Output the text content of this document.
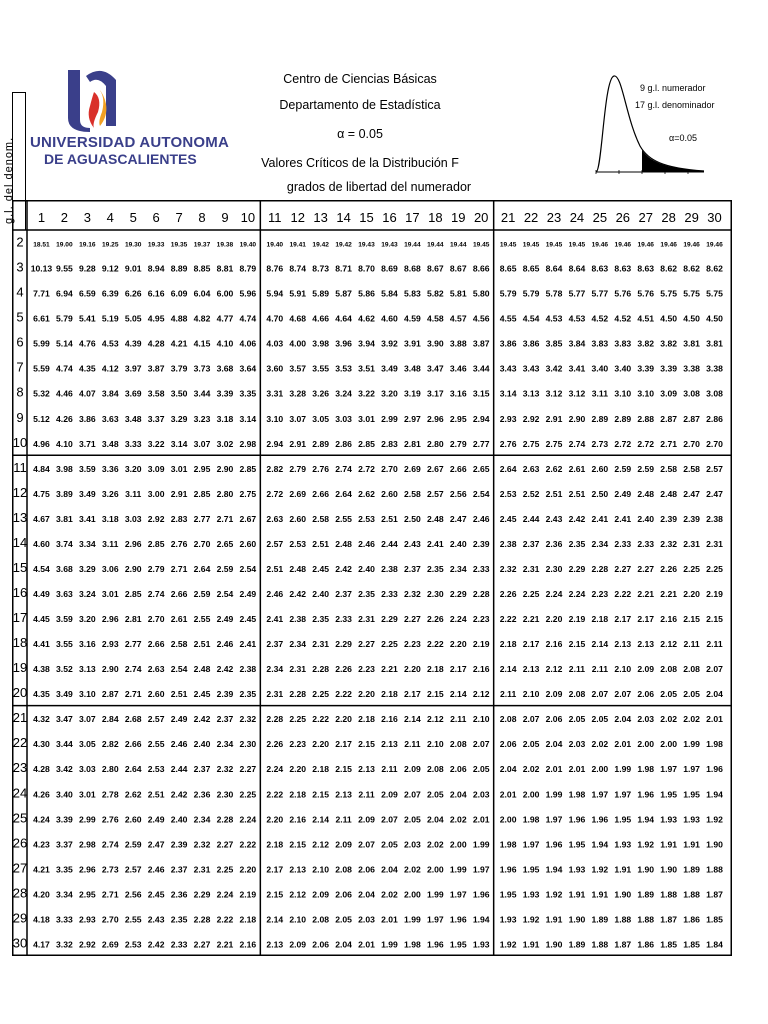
UNIVERSIDAD AUTONOMA
DE AGUASCALIENTES
Centro de Ciencias Básicas
Departamento de Estadística
α = 0.05
Valores Críticos de la Distribución F
9 g.l. numerador
17 g.l. denominador
α=0.05
2.49
g.l. del denom.	grados de libertad del numerador
1 2 3 4 5 6 7 8 9 10 11 12 13 14 15 16 17 18 19 20 21 22 23 24 25 26 27 28 29 30
2 18.51 19.00 19.16 19.25 19.30 19.33 19.35 19.37 19.38 19.40 19.40 19.41 19.42 19.42 19.43 19.43 19.44 19.44 19.44 19.45 19.45 19.45 19.45 19.45 19.46 19.46 19.46 19.46 19.46 19.46
3 10.13 9.55 9.28 9.12 9.01 8.94 8.89 8.85 8.81 8.79 8.76 8.74 8.73 8.71 8.70 8.69 8.68 8.67 8.67 8.66 8.65 8.65 8.64 8.64 8.63 8.63 8.63 8.62 8.62 8.62
4 7.71 6.94 6.59 6.39 6.26 6.16 6.09 6.04 6.00 5.96 5.94 5.91 5.89 5.87 5.86 5.84 5.83 5.82 5.81 5.80 5.79 5.79 5.78 5.77 5.77 5.76 5.76 5.75 5.75 5.75
5 6.61 5.79 5.41 5.19 5.05 4.95 4.88 4.82 4.77 4.74 4.70 4.68 4.66 4.64 4.62 4.60 4.59 4.58 4.57 4.56 4.55 4.54 4.53 4.53 4.52 4.52 4.51 4.50 4.50 4.50
6 5.99 5.14 4.76 4.53 4.39 4.28 4.21 4.15 4.10 4.06 4.03 4.00 3.98 3.96 3.94 3.92 3.91 3.90 3.88 3.87 3.86 3.86 3.85 3.84 3.83 3.83 3.82 3.82 3.81 3.81
7 5.59 4.74 4.35 4.12 3.97 3.87 3.79 3.73 3.68 3.64 3.60 3.57 3.55 3.53 3.51 3.49 3.48 3.47 3.46 3.44 3.43 3.43 3.42 3.41 3.40 3.40 3.39 3.39 3.38 3.38
8 5.32 4.46 4.07 3.84 3.69 3.58 3.50 3.44 3.39 3.35 3.31 3.28 3.26 3.24 3.22 3.20 3.19 3.17 3.16 3.15 3.14 3.13 3.12 3.12 3.11 3.10 3.10 3.09 3.08 3.08
9 5.12 4.26 3.86 3.63 3.48 3.37 3.29 3.23 3.18 3.14 3.10 3.07 3.05 3.03 3.01 2.99 2.97 2.96 2.95 2.94 2.93 2.92 2.91 2.90 2.89 2.89 2.88 2.87 2.87 2.86
10 4.96 4.10 3.71 3.48 3.33 3.22 3.14 3.07 3.02 2.98 2.94 2.91 2.89 2.86 2.85 2.83 2.81 2.80 2.79 2.77 2.76 2.75 2.75 2.74 2.73 2.72 2.72 2.71 2.70 2.70
11 4.84 3.98 3.59 3.36 3.20 3.09 3.01 2.95 2.90 2.85 2.82 2.79 2.76 2.74 2.72 2.70 2.69 2.67 2.66 2.65 2.64 2.63 2.62 2.61 2.60 2.59 2.59 2.58 2.58 2.57
12 4.75 3.89 3.49 3.26 3.11 3.00 2.91 2.85 2.80 2.75 2.72 2.69 2.66 2.64 2.62 2.60 2.58 2.57 2.56 2.54 2.53 2.52 2.51 2.51 2.50 2.49 2.48 2.48 2.47 2.47
13 4.67 3.81 3.41 3.18 3.03 2.92 2.83 2.77 2.71 2.67 2.63 2.60 2.58 2.55 2.53 2.51 2.50 2.48 2.47 2.46 2.45 2.44 2.43 2.42 2.41 2.41 2.40 2.39 2.39 2.38
14 4.60 3.74 3.34 3.11 2.96 2.85 2.76 2.70 2.65 2.60 2.57 2.53 2.51 2.48 2.46 2.44 2.43 2.41 2.40 2.39 2.38 2.37 2.36 2.35 2.34 2.33 2.33 2.32 2.31 2.31
15 4.54 3.68 3.29 3.06 2.90 2.79 2.71 2.64 2.59 2.54 2.51 2.48 2.45 2.42 2.40 2.38 2.37 2.35 2.34 2.33 2.32 2.31 2.30 2.29 2.28 2.27 2.27 2.26 2.25 2.25
16 4.49 3.63 3.24 3.01 2.85 2.74 2.66 2.59 2.54 2.49 2.46 2.42 2.40 2.37 2.35 2.33 2.32 2.30 2.29 2.28 2.26 2.25 2.24 2.24 2.23 2.22 2.21 2.21 2.20 2.19
17 4.45 3.59 3.20 2.96 2.81 2.70 2.61 2.55 2.49 2.45 2.41 2.38 2.35 2.33 2.31 2.29 2.27 2.26 2.24 2.23 2.22 2.21 2.20 2.19 2.18 2.17 2.17 2.16 2.15 2.15
18 4.41 3.55 3.16 2.93 2.77 2.66 2.58 2.51 2.46 2.41 2.37 2.34 2.31 2.29 2.27 2.25 2.23 2.22 2.20 2.19 2.18 2.17 2.16 2.15 2.14 2.13 2.13 2.12 2.11 2.11
19 4.38 3.52 3.13 2.90 2.74 2.63 2.54 2.48 2.42 2.38 2.34 2.31 2.28 2.26 2.23 2.21 2.20 2.18 2.17 2.16 2.14 2.13 2.12 2.11 2.11 2.10 2.09 2.08 2.08 2.07
20 4.35 3.49 3.10 2.87 2.71 2.60 2.51 2.45 2.39 2.35 2.31 2.28 2.25 2.22 2.20 2.18 2.17 2.15 2.14 2.12 2.11 2.10 2.09 2.08 2.07 2.07 2.06 2.05 2.05 2.04
21 4.32 3.47 3.07 2.84 2.68 2.57 2.49 2.42 2.37 2.32 2.28 2.25 2.22 2.20 2.18 2.16 2.14 2.12 2.11 2.10 2.08 2.07 2.06 2.05 2.05 2.04 2.03 2.02 2.02 2.01
22 4.30 3.44 3.05 2.82 2.66 2.55 2.46 2.40 2.34 2.30 2.26 2.23 2.20 2.17 2.15 2.13 2.11 2.10 2.08 2.07 2.06 2.05 2.04 2.03 2.02 2.01 2.00 2.00 1.99 1.98
23 4.28 3.42 3.03 2.80 2.64 2.53 2.44 2.37 2.32 2.27 2.24 2.20 2.18 2.15 2.13 2.11 2.09 2.08 2.06 2.05 2.04 2.02 2.01 2.01 2.00 1.99 1.98 1.97 1.97 1.96
24 4.26 3.40 3.01 2.78 2.62 2.51 2.42 2.36 2.30 2.25 2.22 2.18 2.15 2.13 2.11 2.09 2.07 2.05 2.04 2.03 2.01 2.00 1.99 1.98 1.97 1.97 1.96 1.95 1.95 1.94
25 4.24 3.39 2.99 2.76 2.60 2.49 2.40 2.34 2.28 2.24 2.20 2.16 2.14 2.11 2.09 2.07 2.05 2.04 2.02 2.01 2.00 1.98 1.97 1.96 1.96 1.95 1.94 1.93 1.93 1.92
26 4.23 3.37 2.98 2.74 2.59 2.47 2.39 2.32 2.27 2.22 2.18 2.15 2.12 2.09 2.07 2.05 2.03 2.02 2.00 1.99 1.98 1.97 1.96 1.95 1.94 1.93 1.92 1.91 1.91 1.90
27 4.21 3.35 2.96 2.73 2.57 2.46 2.37 2.31 2.25 2.20 2.17 2.13 2.10 2.08 2.06 2.04 2.02 2.00 1.99 1.97 1.96 1.95 1.94 1.93 1.92 1.91 1.90 1.90 1.89 1.88
28 4.20 3.34 2.95 2.71 2.56 2.45 2.36 2.29 2.24 2.19 2.15 2.12 2.09 2.06 2.04 2.02 2.00 1.99 1.97 1.96 1.95 1.93 1.92 1.91 1.91 1.90 1.89 1.88 1.88 1.87
29 4.18 3.33 2.93 2.70 2.55 2.43 2.35 2.28 2.22 2.18 2.14 2.10 2.08 2.05 2.03 2.01 1.99 1.97 1.96 1.94 1.93 1.92 1.91 1.90 1.89 1.88 1.88 1.87 1.86 1.85
30 4.17 3.32 2.92 2.69 2.53 2.42 2.33 2.27 2.21 2.16 2.13 2.09 2.06 2.04 2.01 1.99 1.98 1.96 1.95 1.93 1.92 1.91 1.90 1.89 1.88 1.87 1.86 1.85 1.85 1.84
